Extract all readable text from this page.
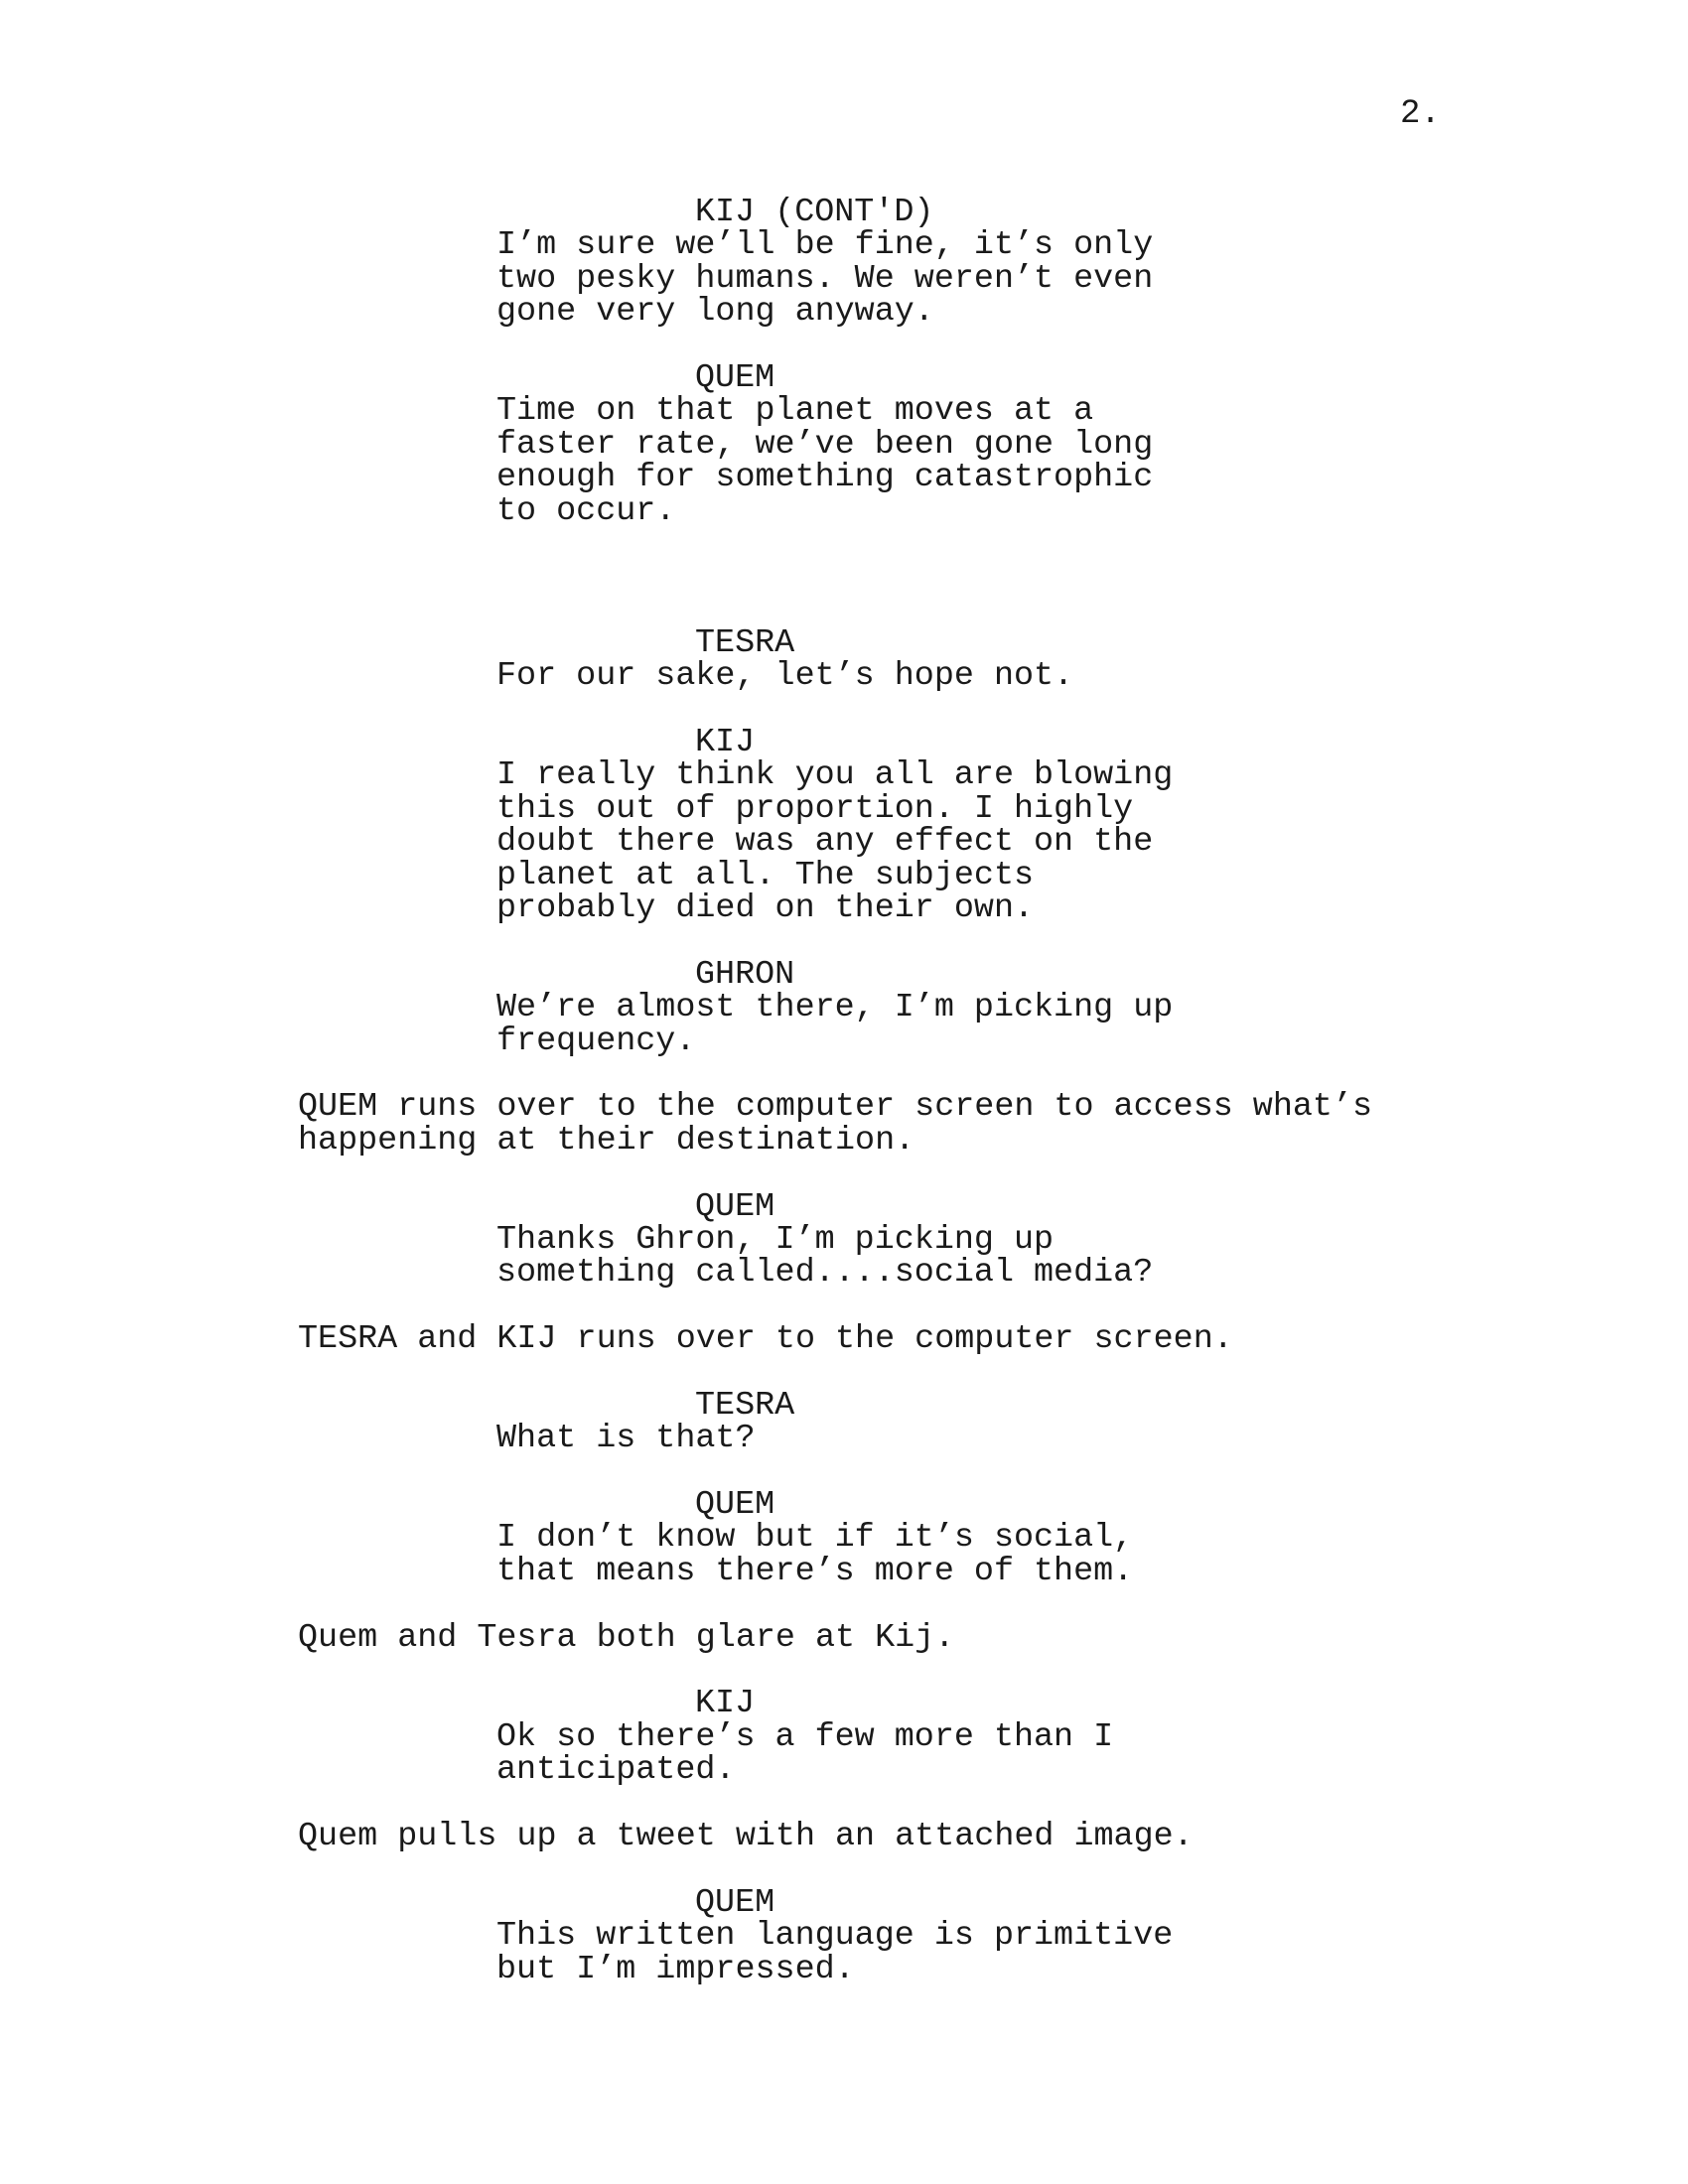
2.
KIJ (CONT'D)
I’m sure we’ll be fine, it’s only
two pesky humans. We weren’t even
gone very long anyway.
QUEM
Time on that planet moves at a
faster rate, we’ve been gone long
enough for something catastrophic
to occur.
TESRA
For our sake, let’s hope not.
KIJ
I really think you all are blowing
this out of proportion. I highly
doubt there was any effect on the
planet at all. The subjects
probably died on their own.
GHRON
We’re almost there, I’m picking up
frequency.
QUEM runs over to the computer screen to access what’s
happening at their destination.
QUEM
Thanks Ghron, I’m picking up
something called....social media?
TESRA and KIJ runs over to the computer screen.
TESRA
What is that?
QUEM
I don’t know but if it’s social,
that means there’s more of them.
Quem and Tesra both glare at Kij.
KIJ
Ok so there’s a few more than I
anticipated.
Quem pulls up a tweet with an attached image.
QUEM
This written language is primitive
but I’m impressed.
